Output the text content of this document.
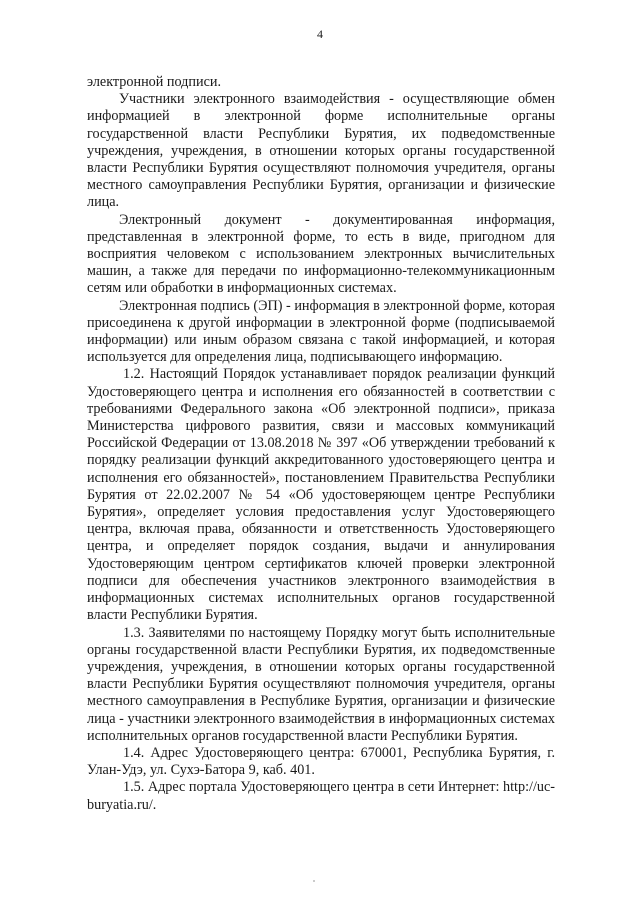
4

электронной подписи.

Участники электронного взаимодействия - осуществляющие обмен информацией в электронной форме исполнительные органы государственной власти Республики Бурятия, их подведомственные учреждения, учреждения, в отношении которых органы государственной власти Республики Бурятия осуществляют полномочия учредителя, органы местного самоуправления Республики Бурятия, организации и физические лица.

Электронный документ - документированная информация, представленная в электронной форме, то есть в виде, пригодном для восприятия человеком с использованием электронных вычислительных машин, а также для передачи по информационно-телекоммуникационным сетям или обработки в информационных системах.

Электронная подпись (ЭП) - информация в электронной форме, которая присоединена к другой информации в электронной форме (подписываемой информации) или иным образом связана с такой информацией, и которая используется для определения лица, подписывающего информацию.

1.2. Настоящий Порядок устанавливает порядок реализации функций Удостоверяющего центра и исполнения его обязанностей в соответствии с требованиями Федерального закона «Об электронной подписи», приказа Министерства цифрового развития, связи и массовых коммуникаций Российской Федерации от 13.08.2018 № 397 «Об утверждении требований к порядку реализации функций аккредитованного удостоверяющего центра и исполнения его обязанностей», постановлением Правительства Республики Бурятия от 22.02.2007 № 54 «Об удостоверяющем центре Республики Бурятия», определяет условия предоставления услуг Удостоверяющего центра, включая права, обязанности и ответственность Удостоверяющего центра, и определяет порядок создания, выдачи и аннулирования Удостоверяющим центром сертификатов ключей проверки электронной подписи для обеспечения участников электронного взаимодействия в информационных системах исполнительных органов государственной власти Республики Бурятия.

1.3. Заявителями по настоящему Порядку могут быть исполнительные органы государственной власти Республики Бурятия, их подведомственные учреждения, учреждения, в отношении которых органы государственной власти Республики Бурятия осуществляют полномочия учредителя, органы местного самоуправления в Республике Бурятия, организации и физические лица - участники электронного взаимодействия в информационных системах исполнительных органов государственной власти Республики Бурятия.

1.4. Адрес Удостоверяющего центра: 670001, Республика Бурятия, г. Улан-Удэ, ул. Сухэ-Батора 9, каб. 401.

1.5. Адрес портала Удостоверяющего центра в сети Интернет: http://uc-buryatia.ru/.
